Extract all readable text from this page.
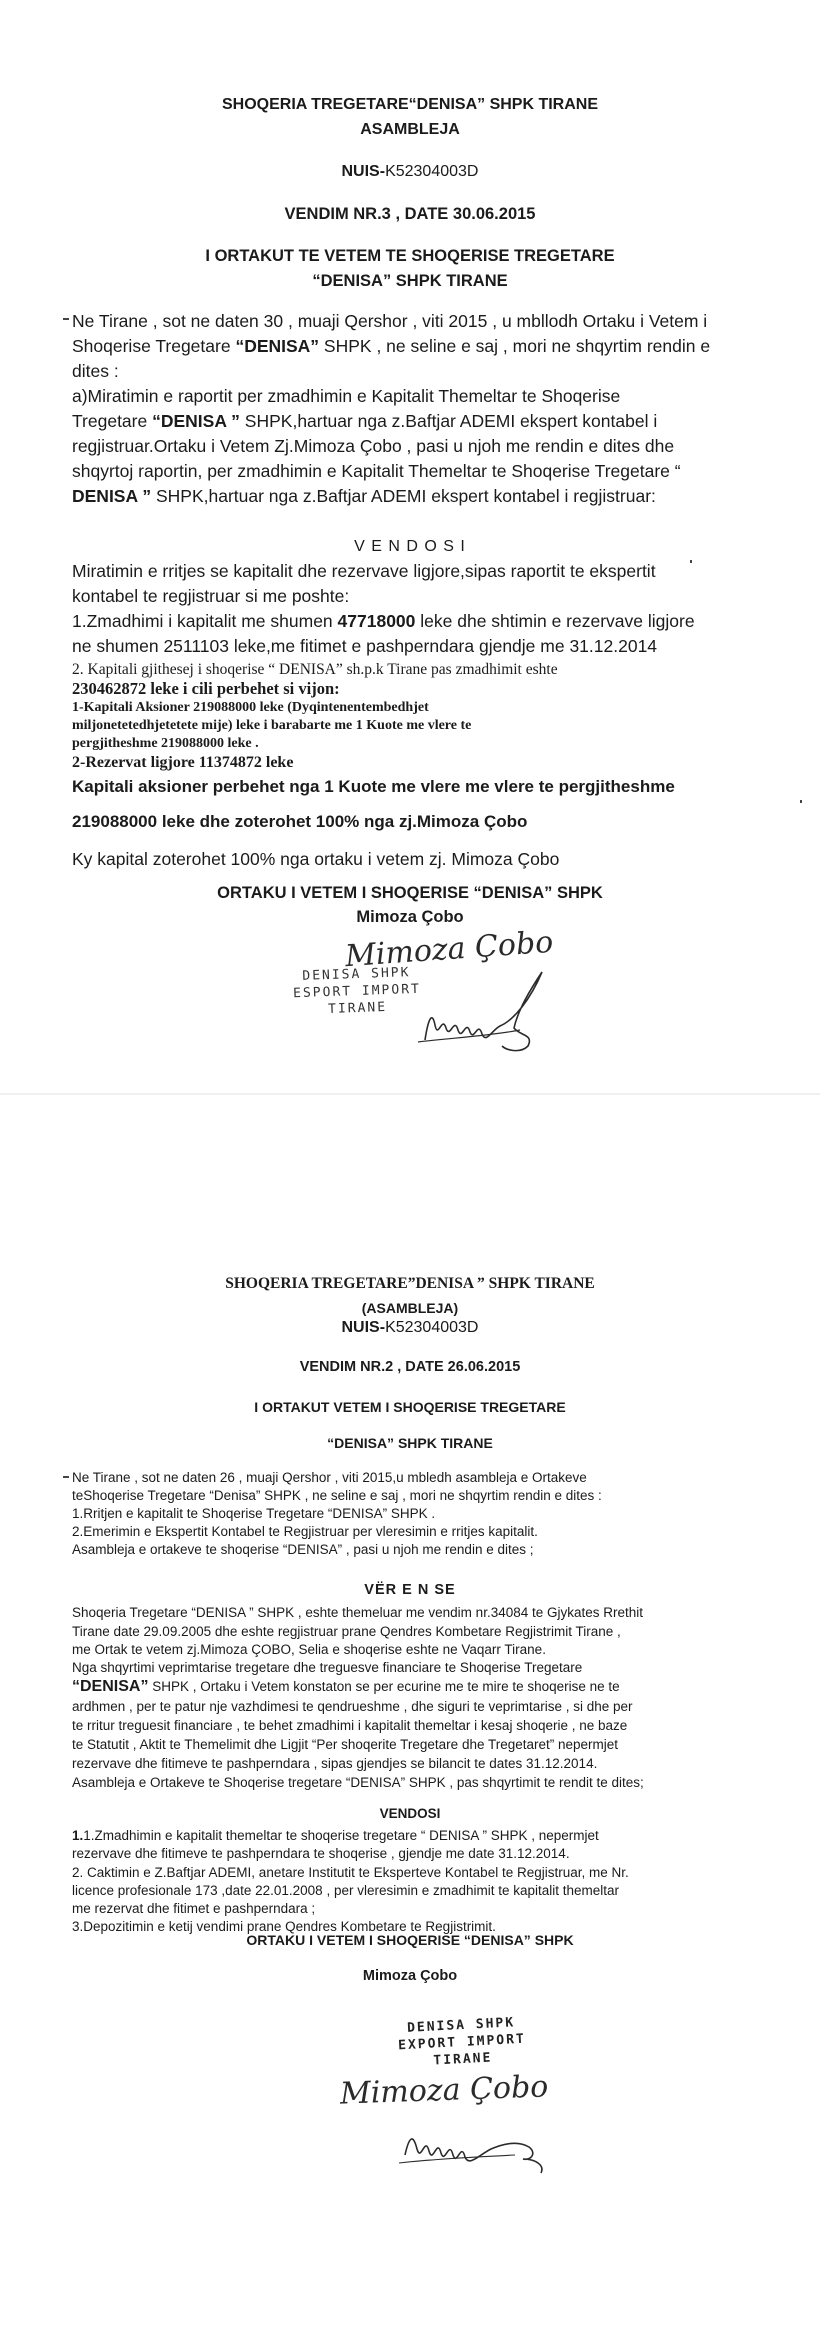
SHOQERIA TREGETARE“DENISA” SHPK TIRANE
ASAMBLEJA
NUIS-K52304003D
VENDIM NR.3 , DATE 30.06.2015
I ORTAKUT TE VETEM TE SHOQERISE TREGETARE
“DENISA” SHPK TIRANE
Ne Tirane , sot ne daten 30 , muaji Qershor , viti 2015 , u mbllodh Ortaku i Vetem i
Shoqerise Tregetare “DENISA” SHPK , ne seline e saj , mori ne shqyrtim rendin e
dites :
a)Miratimin e raportit per zmadhimin e Kapitalit Themeltar te Shoqerise
Tregetare “DENISA ” SHPK,hartuar nga z.Baftjar ADEMI ekspert kontabel i
regjistruar.Ortaku i Vetem Zj.Mimoza Çobo , pasi u njoh me rendin e dites dhe
shqyrtoj raportin, per zmadhimin e Kapitalit Themeltar te Shoqerise Tregetare “
DENISA ” SHPK,hartuar nga z.Baftjar ADEMI ekspert kontabel i regjistruar:
V E N D O S I
Miratimin e rritjes se kapitalit dhe rezervave ligjore,sipas raportit te ekspertit
kontabel te regjistruar si me poshte:
1.Zmadhimi i kapitalit me shumen 47718000 leke dhe shtimin e rezervave ligjore
ne shumen 2511103 leke,me fitimet e pashperndara gjendje me 31.12.2014
2. Kapitali gjithesej i shoqerise “ DENISA” sh.p.k Tirane pas zmadhimit eshte
230462872 leke i cili perbehet si vijon:
1-Kapitali Aksioner 219088000 leke (Dyqintenentembedhjet
miljonetetedhjetetete mije) leke i barabarte me 1 Kuote me vlere te
pergjitheshme 219088000 leke .
2-Rezervat ligjore 11374872 leke
Kapitali aksioner perbehet nga 1 Kuote me vlere me vlere te pergjitheshme
219088000 leke dhe zoterohet 100% nga zj.Mimoza Çobo
Ky kapital zoterohet 100% nga ortaku i vetem zj. Mimoza Çobo
ORTAKU I VETEM I SHOQERISE “DENISA” SHPK
Mimoza Çobo
DENISA SHPK
ESPORT IMPORT
TIRANE
Mimoza Çobo
SHOQERIA TREGETARE”DENISA ” SHPK TIRANE
(ASAMBLEJA)
NUIS-K52304003D
VENDIM NR.2 , DATE 26.06.2015
I ORTAKUT VETEM I SHOQERISE TREGETARE
“DENISA” SHPK TIRANE
Ne Tirane , sot ne daten 26 , muaji Qershor , viti 2015,u mbledh asambleja e Ortakeve
teShoqerise Tregetare “Denisa” SHPK , ne seline e saj , mori ne shqyrtim rendin e dites :
1.Rritjen e kapitalit te Shoqerise Tregetare “DENISA” SHPK .
2.Emerimin e Ekspertit Kontabel te Regjistruar per vleresimin e rritjes kapitalit.
Asambleja e ortakeve te shoqerise “DENISA” , pasi u njoh me rendin e dites ;
VËR E N SE
Shoqeria Tregetare “DENISA ” SHPK , eshte themeluar me vendim nr.34084 te Gjykates Rrethit
Tirane date 29.09.2005 dhe eshte regjistruar prane Qendres Kombetare Regjistrimit Tirane ,
me Ortak te vetem zj.Mimoza ÇOBO, Selia e shoqerise eshte ne Vaqarr Tirane.
Nga shqyrtimi veprimtarise tregetare dhe treguesve financiare te Shoqerise Tregetare
“DENISA” SHPK , Ortaku i Vetem konstaton se per ecurine me te mire te shoqerise ne te
ardhmen , per te patur nje vazhdimesi te qendrueshme , dhe siguri te veprimtarise , si dhe per
te rritur treguesit financiare , te behet zmadhimi i kapitalit themeltar i kesaj shoqerie , ne baze
te Statutit , Aktit te Themelimit dhe Ligjit “Per shoqerite Tregetare dhe Tregetaret” nepermjet
rezervave dhe fitimeve te pashperndara , sipas gjendjes se bilancit te dates 31.12.2014.
Asambleja e Ortakeve te Shoqerise tregetare “DENISA” SHPK , pas shqyrtimit te rendit te dites;
VENDOSI
1.1.Zmadhimin e kapitalit themeltar te shoqerise tregetare “ DENISA ” SHPK , nepermjet
rezervave dhe fitimeve te pashperndara te shoqerise , gjendje me date 31.12.2014.
2. Caktimin e Z.Baftjar ADEMI, anetare Institutit te Eksperteve Kontabel te Regjistruar, me Nr.
licence profesionale 173 ,date 22.01.2008 , per vleresimin e zmadhimit te kapitalit themeltar
me rezervat dhe fitimet e pashperndara ;
3.Depozitimin e ketij vendimi prane Qendres Kombetare te Regjistrimit.
ORTAKU I VETEM I SHOQERISE “DENISA” SHPK
Mimoza Çobo
DENISA SHPK
EXPORT IMPORT
TIRANE
Mimoza Çobo
